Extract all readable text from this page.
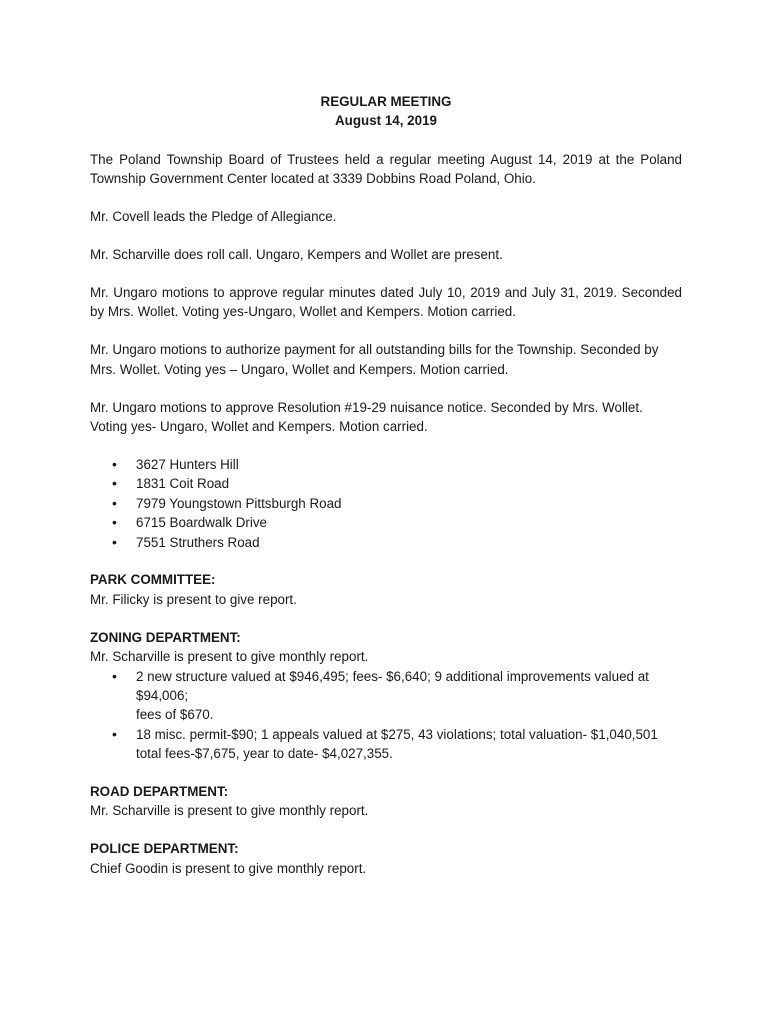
REGULAR MEETING

August 14, 2019

The Poland Township Board of Trustees held a regular meeting August 14, 2019 at the Poland Township Government Center located at 3339 Dobbins Road Poland, Ohio.

Mr. Covell leads the Pledge of Allegiance.

Mr. Scharville does roll call. Ungaro, Kempers and Wollet are present.

Mr. Ungaro motions to approve regular minutes dated July 10, 2019 and July 31, 2019. Seconded by Mrs. Wollet. Voting yes-Ungaro, Wollet and Kempers. Motion carried.

Mr. Ungaro motions to authorize payment for all outstanding bills for the Township. Seconded by Mrs. Wollet. Voting yes – Ungaro, Wollet and Kempers. Motion carried.

Mr. Ungaro motions to approve Resolution #19-29 nuisance notice. Seconded by Mrs. Wollet. Voting yes- Ungaro, Wollet and Kempers. Motion carried.

• 3627 Hunters Hill
• 1831 Coit Road
• 7979 Youngstown Pittsburgh Road
• 6715 Boardwalk Drive
• 7551 Struthers Road

PARK COMMITTEE:

Mr. Filicky is present to give report.

ZONING DEPARTMENT:

Mr. Scharville is present to give monthly report.

• 2 new structure valued at $946,495; fees- $6,640; 9 additional improvements valued at $94,006;
fees of $670.
• 18 misc. permit-$90; 1 appeals valued at $275, 43 violations; total valuation- $1,040,501 total fees-$7,675, year to date- $4,027,355.

ROAD DEPARTMENT:

Mr. Scharville is present to give monthly report.

POLICE DEPARTMENT:

Chief Goodin is present to give monthly report.
